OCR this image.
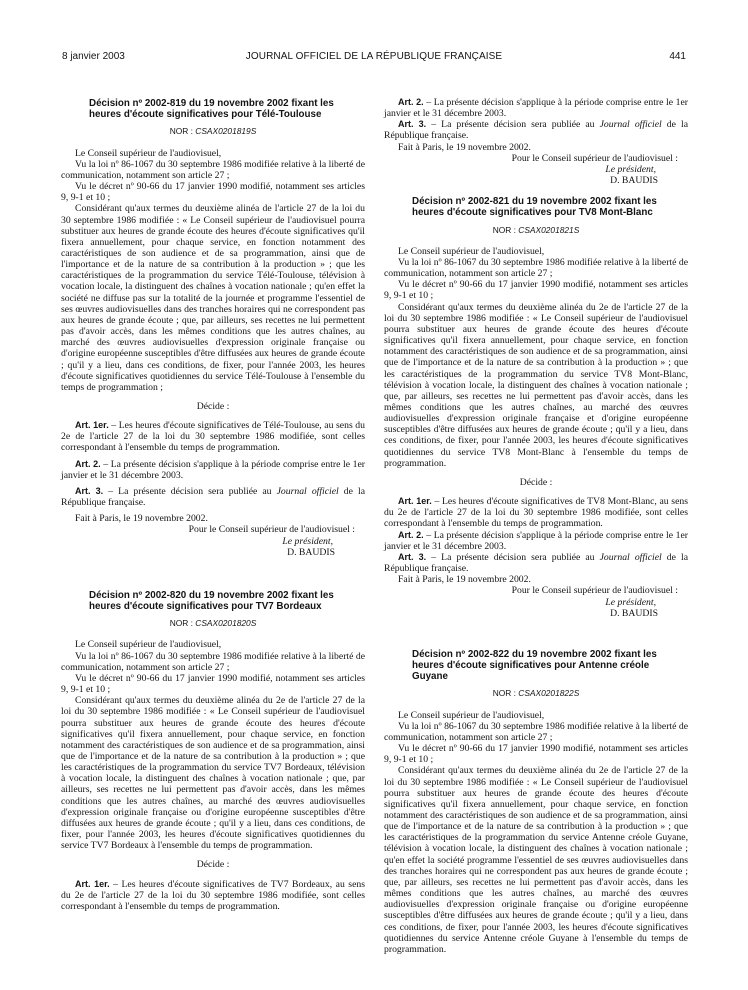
8 janvier 2003	JOURNAL OFFICIEL DE LA RÉPUBLIQUE FRANÇAISE	441
Décision nº 2002-819 du 19 novembre 2002 fixant les heures d'écoute significatives pour Télé-Toulouse
NOR : CSAX0201819S

Le Conseil supérieur de l'audiovisuel,

Vu la loi nº 86-1067 du 30 septembre 1986 modifiée relative à la liberté de communication, notamment son article 27 ;

Vu le décret nº 90-66 du 17 janvier 1990 modifié, notamment ses articles 9, 9-1 et 10 ;

Considérant qu'aux termes du deuxième alinéa de l'article 27 de la loi du 30 septembre 1986 modifiée : « Le Conseil supérieur de l'audiovisuel pourra substituer aux heures de grande écoute des heures d'écoute significatives qu'il fixera annuellement, pour chaque service, en fonction notamment des caractéristiques de son audience et de sa programmation, ainsi que de l'importance et de la nature de sa contribution à la production » ; que les caractéristiques de la programmation du service Télé-Toulouse, télévision à vocation locale, la distinguent des chaînes à vocation nationale ; qu'en effet la société ne diffuse pas sur la totalité de la journée et programme l'essentiel de ses œuvres audiovisuelles dans des tranches horaires qui ne correspondent pas aux heures de grande écoute ; que, par ailleurs, ses recettes ne lui permettent pas d'avoir accès, dans les mêmes conditions que les autres chaînes, au marché des œuvres audiovisuelles d'expression originale française ou d'origine européenne susceptibles d'être diffusées aux heures de grande écoute ; qu'il y a lieu, dans ces conditions, de fixer, pour l'année 2003, les heures d'écoute significatives quotidiennes du service Télé-Toulouse à l'ensemble du temps de programmation ;

Décide :

Art. 1er. – Les heures d'écoute significatives de Télé-Toulouse, au sens du 2e de l'article 27 de la loi du 30 septembre 1986 modifiée, sont celles correspondant à l'ensemble du temps de programmation.

Art. 2. – La présente décision s'applique à la période comprise entre le 1er janvier et le 31 décembre 2003.

Art. 3. – La présente décision sera publiée au Journal officiel de la République française.

Fait à Paris, le 19 novembre 2002.

Pour le Conseil supérieur de l'audiovisuel :

Le président,

D. BAUDIS

Décision nº 2002-820 du 19 novembre 2002 fixant les heures d'écoute significatives pour TV7 Bordeaux
NOR : CSAX0201820S

Le Conseil supérieur de l'audiovisuel,

Vu la loi nº 86-1067 du 30 septembre 1986 modifiée relative à la liberté de communication, notamment son article 27 ;

Vu le décret nº 90-66 du 17 janvier 1990 modifié, notamment ses articles 9, 9-1 et 10 ;

Considérant qu'aux termes du deuxième alinéa du 2e de l'article 27 de la loi du 30 septembre 1986 modifiée : « Le Conseil supérieur de l'audiovisuel pourra substituer aux heures de grande écoute des heures d'écoute significatives qu'il fixera annuellement, pour chaque service, en fonction notamment des caractéristiques de son audience et de sa programmation, ainsi que de l'importance et de la nature de sa contribution à la production » ; que les caractéristiques de la programmation du service TV7 Bordeaux, télévision à vocation locale, la distinguent des chaînes à vocation nationale ; que, par ailleurs, ses recettes ne lui permettent pas d'avoir accès, dans les mêmes conditions que les autres chaînes, au marché des œuvres audiovisuelles d'expression originale française ou d'origine européenne susceptibles d'être diffusées aux heures de grande écoute ; qu'il y a lieu, dans ces conditions, de fixer, pour l'année 2003, les heures d'écoute significatives quotidiennes du service TV7 Bordeaux à l'ensemble du temps de programmation.

Décide :

Art. 1er. – Les heures d'écoute significatives de TV7 Bordeaux, au sens du 2e de l'article 27 de la loi du 30 septembre 1986 modifiée, sont celles correspondant à l'ensemble du temps de programmation.

Art. 2. – La présente décision s'applique à la période comprise entre le 1er janvier et le 31 décembre 2003.

Art. 3. – La présente décision sera publiée au Journal officiel de la République française.

Fait à Paris, le 19 novembre 2002.

Pour le Conseil supérieur de l'audiovisuel :

Le président,

D. BAUDIS

Décision nº 2002-821 du 19 novembre 2002 fixant les heures d'écoute significatives pour TV8 Mont-Blanc
NOR : CSAX0201821S

Le Conseil supérieur de l'audiovisuel,

Vu la loi nº 86-1067 du 30 septembre 1986 modifiée relative à la liberté de communication, notamment son article 27 ;

Vu le décret nº 90-66 du 17 janvier 1990 modifié, notamment ses articles 9, 9-1 et 10 ;

Considérant qu'aux termes du deuxième alinéa du 2e de l'article 27 de la loi du 30 septembre 1986 modifiée : « Le Conseil supérieur de l'audiovisuel pourra substituer aux heures de grande écoute des heures d'écoute significatives qu'il fixera annuellement, pour chaque service, en fonction notamment des caractéristiques de son audience et de sa programmation, ainsi que de l'importance et de la nature de sa contribution à la production » ; que les caractéristiques de la programmation du service TV8 Mont-Blanc, télévision à vocation locale, la distinguent des chaînes à vocation nationale ; que, par ailleurs, ses recettes ne lui permettent pas d'avoir accès, dans les mêmes conditions que les autres chaînes, au marché des œuvres audiovisuelles d'expression originale française et d'origine européenne susceptibles d'être diffusées aux heures de grande écoute ; qu'il y a lieu, dans ces conditions, de fixer, pour l'année 2003, les heures d'écoute significatives quotidiennes du service TV8 Mont-Blanc à l'ensemble du temps de programmation.

Décide :

Art. 1er. – Les heures d'écoute significatives de TV8 Mont-Blanc, au sens du 2e de l'article 27 de la loi du 30 septembre 1986 modifiée, sont celles correspondant à l'ensemble du temps de programmation.

Art. 2. – La présente décision s'applique à la période comprise entre le 1er janvier et le 31 décembre 2003.

Art. 3. – La présente décision sera publiée au Journal officiel de la République française.

Fait à Paris, le 19 novembre 2002.

Pour le Conseil supérieur de l'audiovisuel :

Le président,

D. BAUDIS

Décision nº 2002-822 du 19 novembre 2002 fixant les heures d'écoute significatives pour Antenne créole Guyane
NOR : CSAX0201822S

Le Conseil supérieur de l'audiovisuel,

Vu la loi nº 86-1067 du 30 septembre 1986 modifiée relative à la liberté de communication, notamment son article 27 ;

Vu le décret nº 90-66 du 17 janvier 1990 modifié, notamment ses articles 9, 9-1 et 10 ;

Considérant qu'aux termes du deuxième alinéa du 2e de l'article 27 de la loi du 30 septembre 1986 modifiée : « Le Conseil supérieur de l'audiovisuel pourra substituer aux heures de grande écoute des heures d'écoute significatives qu'il fixera annuellement, pour chaque service, en fonction notamment des caractéristiques de son audience et de sa programmation, ainsi que de l'importance et de la nature de sa contribution à la production » ; que les caractéristiques de la programmation du service Antenne créole Guyane, télévision à vocation locale, la distinguent des chaînes à vocation nationale ; qu'en effet la société programme l'essentiel de ses œuvres audiovisuelles dans des tranches horaires qui ne correspondent pas aux heures de grande écoute ; que, par ailleurs, ses recettes ne lui permettent pas d'avoir accès, dans les mêmes conditions que les autres chaînes, au marché des œuvres audiovisuelles d'expression originale française ou d'origine européenne susceptibles d'être diffusées aux heures de grande écoute ; qu'il y a lieu, dans ces conditions, de fixer, pour l'année 2003, les heures d'écoute significatives quotidiennes du service Antenne créole Guyane à l'ensemble du temps de programmation.
